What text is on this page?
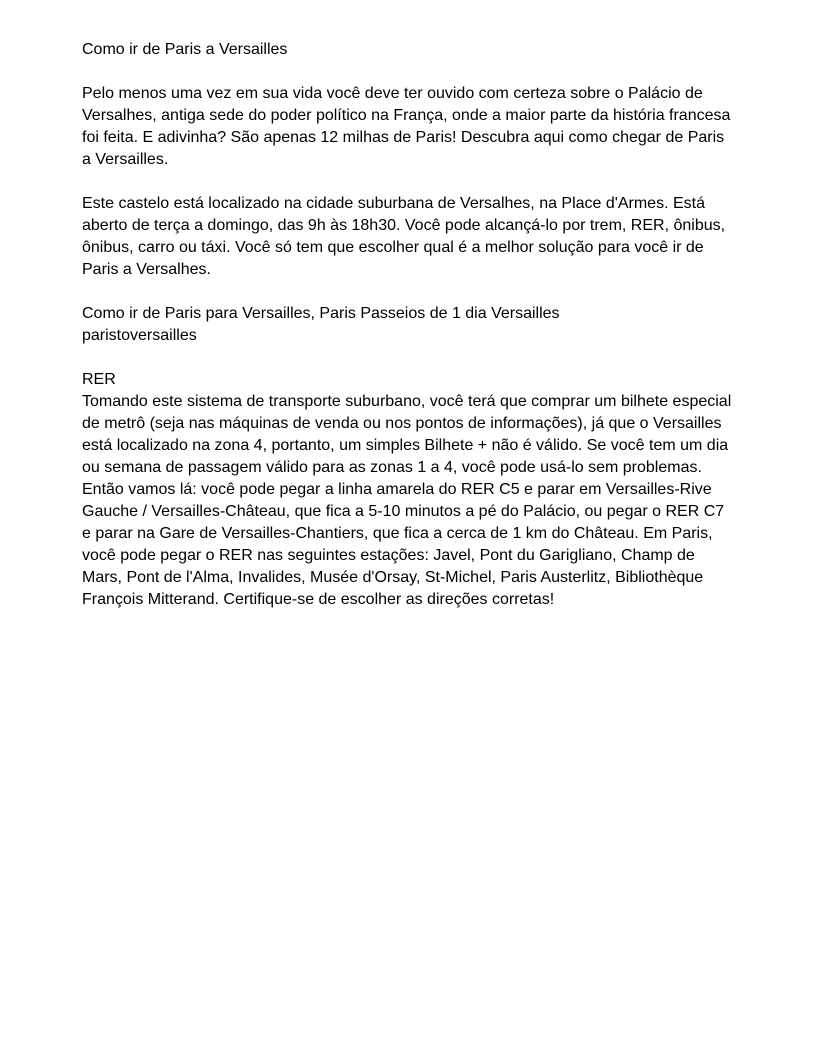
Como ir de Paris a Versailles
Pelo menos uma vez em sua vida você deve ter ouvido com certeza sobre o Palácio de Versalhes, antiga sede do poder político na França, onde a maior parte da história francesa foi feita. E adivinha? São apenas 12 milhas de Paris! Descubra aqui como chegar de Paris a Versailles.
Este castelo está localizado na cidade suburbana de Versalhes, na Place d'Armes. Está aberto de terça a domingo, das 9h às 18h30. Você pode alcançá-lo por trem, RER, ônibus, ônibus, carro ou táxi. Você só tem que escolher qual é a melhor solução para você ir de Paris a Versalhes.
Como ir de Paris para Versailles, Paris Passeios de 1 dia Versailles
paristoversailles
RER
Tomando este sistema de transporte suburbano, você terá que comprar um bilhete especial de metrô (seja nas máquinas de venda ou nos pontos de informações), já que o Versailles está localizado na zona 4, portanto, um simples Bilhete + não é válido. Se você tem um dia ou semana de passagem válido para as zonas 1 a 4, você pode usá-lo sem problemas. Então vamos lá: você pode pegar a linha amarela do RER C5 e parar em Versailles-Rive Gauche / Versailles-Château, que fica a 5-10 minutos a pé do Palácio, ou pegar o RER C7 e parar na Gare de Versailles-Chantiers, que fica a cerca de 1 km do Château. Em Paris, você pode pegar o RER nas seguintes estações: Javel, Pont du Garigliano, Champ de Mars, Pont de l'Alma, Invalides, Musée d'Orsay, St-Michel, Paris Austerlitz, Bibliothèque François Mitterand. Certifique-se de escolher as direções corretas!
